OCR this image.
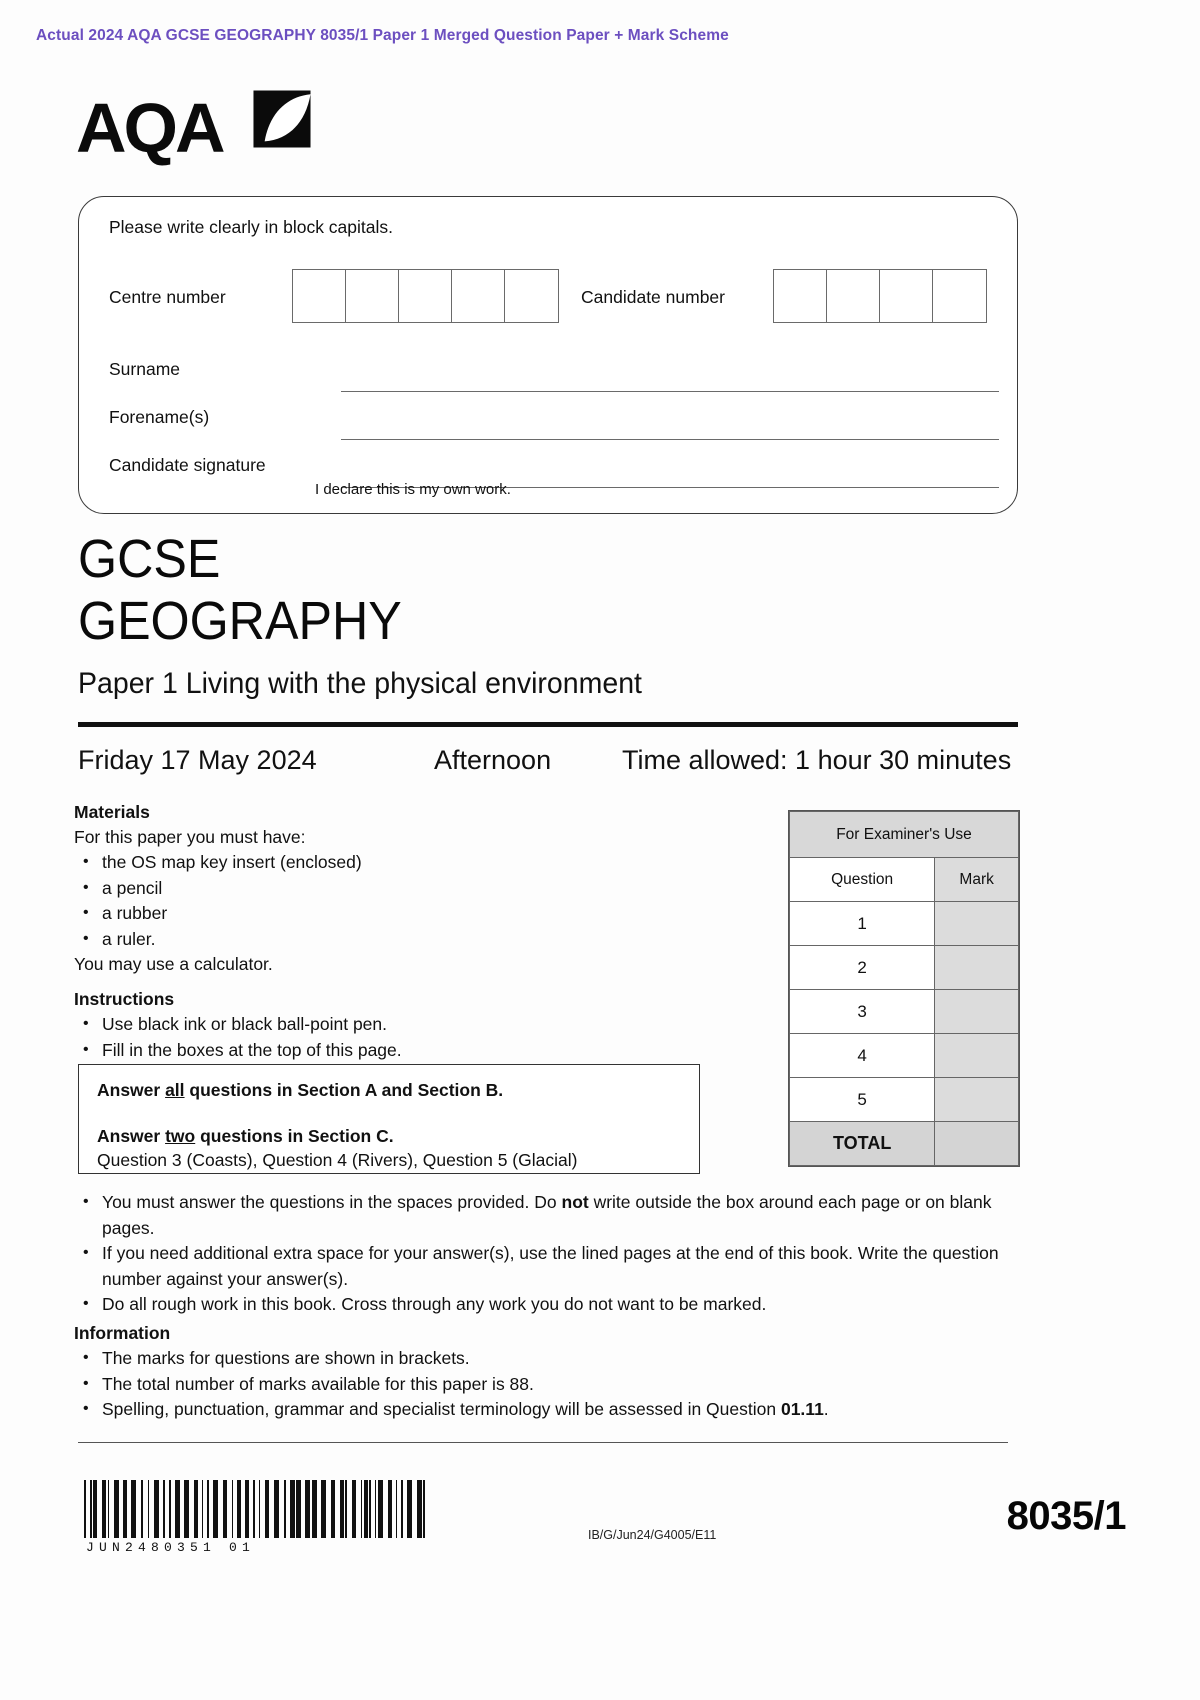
Actual 2024 AQA GCSE GEOGRAPHY 8035/1 Paper 1 Merged Question Paper + Mark Scheme
AQA
Please write clearly in block capitals.
Centre number	Candidate number
Surname
Forename(s)
Candidate signature
I declare this is my own work.
GCSE
GEOGRAPHY
Paper 1 Living with the physical environment
Friday 17 May 2024	Afternoon	Time allowed: 1 hour 30 minutes

Materials

For this paper you must have:

• the OS map key insert (enclosed)
• a pencil
• a rubber
• a ruler.

You may use a calculator.

Instructions

• Use black ink or black ball-point pen.
• Fill in the boxes at the top of this page.
Answer all questions in Section A and Section B.
Answer two questions in Section C.
Question 3 (Coasts), Question 4 (Rivers), Question 5 (Glacial)
• You must answer the questions in the spaces provided. Do not write outside the box around each page or on blank pages.
• If you need additional extra space for your answer(s), use the lined pages at the end of this book. Write the question number against your answer(s).
• Do all rough work in this book. Cross through any work you do not want to be marked.

Information

• The marks for questions are shown in brackets.
• The total number of marks available for this paper is 88.
• Spelling, punctuation, grammar and specialist terminology will be assessed in Question 01.11.
For Examiner's Use	
Question	Mark
1	
2	
3	
4	
5	
TOTAL	
JUN2480351 01
IB/G/Jun24/G4005/E11	8035/1
